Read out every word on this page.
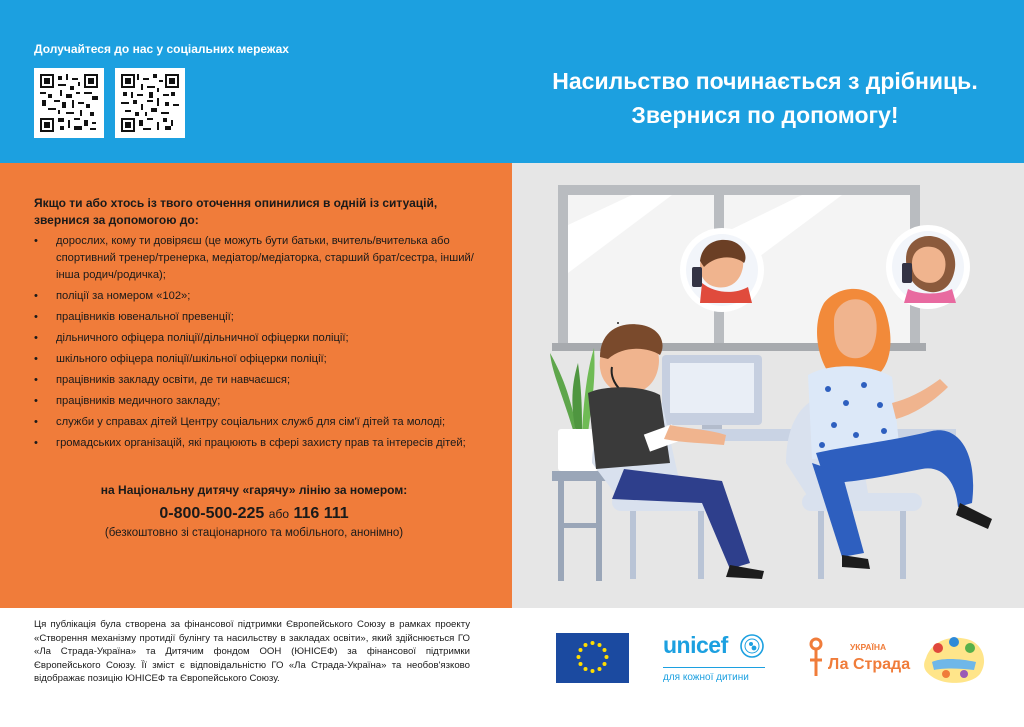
Долучайтеся до нас у соціальних мережах
Насильство починається з дрібниць.
Звернися по допомогу!
Якщо ти або хтось із твого оточення опинилися в одній із ситуацій, звернися за допомогою до:
• дорослих, кому ти довіряєш (це можуть бути батьки, вчитель/вчителька або спортивний тренер/тренерка, медіатор/медіаторка, старший брат/сестра, інший/інша родич/родичка);
• поліції за номером «102»;
• працівників ювенальної превенції;
• дільничного офіцера поліції/дільничної офіцерки поліції;
• шкільного офіцера поліції/шкільної офіцерки поліції;
• працівників закладу освіти, де ти навчаєшся;
• працівників медичного закладу;
• служби у справах дітей Центру соціальних служб для сім'ї дітей та молоді;
• громадських організацій, які працюють в сфері захисту прав та інтересів дітей;
на Національну дитячу «гарячу» лінію за номером:
0-800-500-225 або 116 111
(безкоштовно зі стаціонарного та мобільного, анонімно)
Ця публікація була створена за фінансової підтримки Європейського Союзу в рамках проекту «Створення механізму протидії булінгу та насильству в закладах освіти», який здійснюється ГО «Ла Страда-Україна» та Дитячим фондом ООН (ЮНІСЕФ) за фінансової підтримки Європейського Союзу. Її зміст є відповідальністю ГО «Ла Страда-Україна» та необов'язково відображає позицію ЮНІСЕФ та Європейського Союзу.
unicef
для кожної дитини
УКРАЇНА
Ла Страда
